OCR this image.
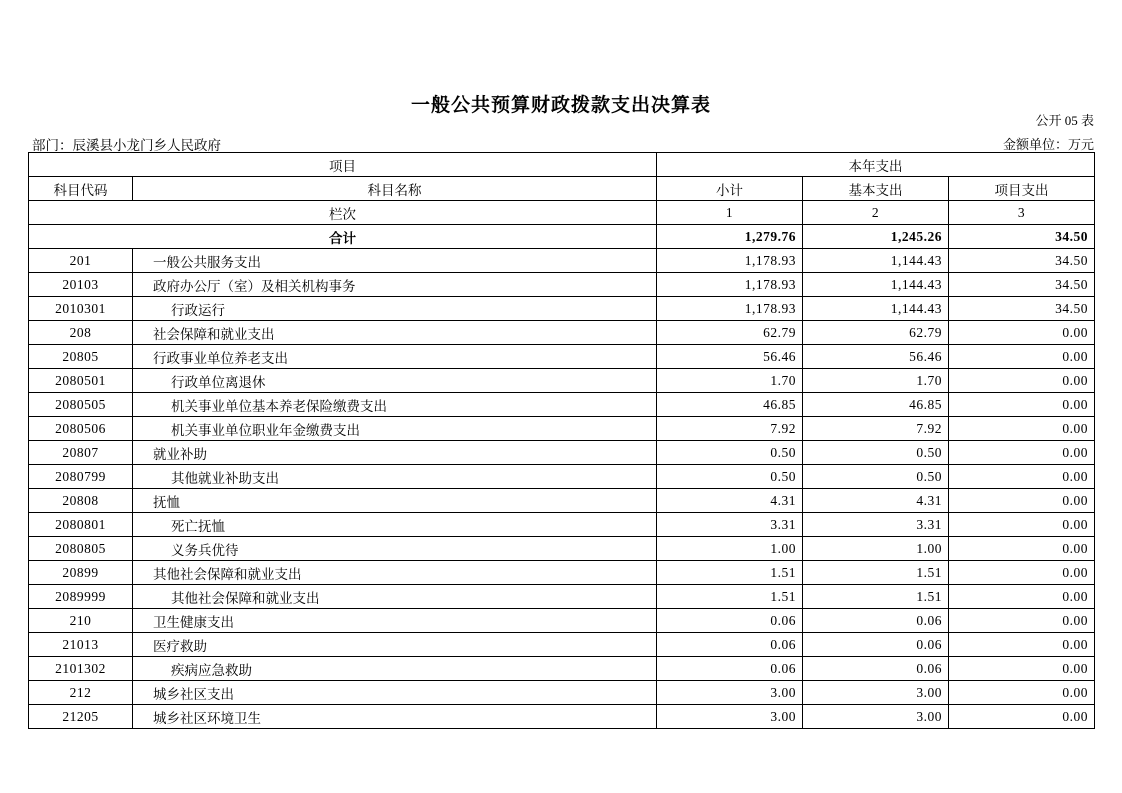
一般公共预算财政拨款支出决算表
公开 05 表
部门：辰溪县小龙门乡人民政府	金额单位：万元
项目		本年支出		
科目代码	科目名称	小计	基本支出	项目支出
栏次		1	2	3
合计		1,279.76	1,245.26	34.50
201	一般公共服务支出	1,178.93	1,144.43	34.50
20103	政府办公厅（室）及相关机构事务	1,178.93	1,144.43	34.50
2010301	行政运行	1,178.93	1,144.43	34.50
208	社会保障和就业支出	62.79	62.79	0.00
20805	行政事业单位养老支出	56.46	56.46	0.00
2080501	行政单位离退休	1.70	1.70	0.00
2080505	机关事业单位基本养老保险缴费支出	46.85	46.85	0.00
2080506	机关事业单位职业年金缴费支出	7.92	7.92	0.00
20807	就业补助	0.50	0.50	0.00
2080799	其他就业补助支出	0.50	0.50	0.00
20808	抚恤	4.31	4.31	0.00
2080801	死亡抚恤	3.31	3.31	0.00
2080805	义务兵优待	1.00	1.00	0.00
20899	其他社会保障和就业支出	1.51	1.51	0.00
2089999	其他社会保障和就业支出	1.51	1.51	0.00
210	卫生健康支出	0.06	0.06	0.00
21013	医疗救助	0.06	0.06	0.00
2101302	疾病应急救助	0.06	0.06	0.00
212	城乡社区支出	3.00	3.00	0.00
21205	城乡社区环境卫生	3.00	3.00	0.00
